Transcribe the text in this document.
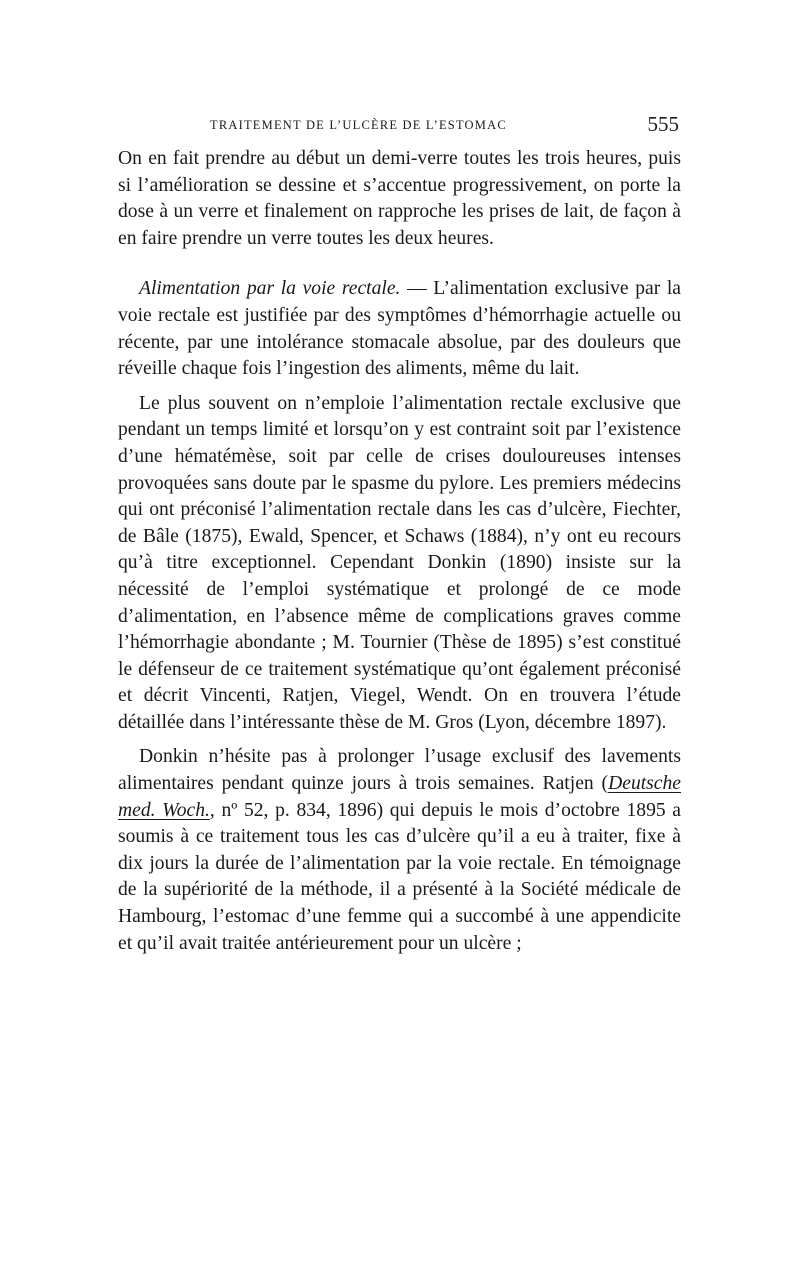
TRAITEMENT DE L’ULCÈRE DE L’ESTOMAC	555

On en fait prendre au début un demi-verre toutes les trois heures, puis si l’amélioration se dessine et s’accentue progressivement, on porte la dose à un verre et finalement on rapproche les prises de lait, de façon à en faire prendre un verre toutes les deux heures.

Alimentation par la voie rectale. — L’alimentation exclusive par la voie rectale est justifiée par des symptômes d’hémorrhagie actuelle ou récente, par une intolérance stomacale absolue, par des douleurs que réveille chaque fois l’ingestion des aliments, même du lait.

Le plus souvent on n’emploie l’alimentation rectale exclusive que pendant un temps limité et lorsqu’on y est contraint soit par l’existence d’une hématémèse, soit par celle de crises douloureuses intenses provoquées sans doute par le spasme du pylore. Les premiers médecins qui ont préconisé l’alimentation rectale dans les cas d’ulcère, Fiechter, de Bâle (1875), Ewald, Spencer, et Schaws (1884), n’y ont eu recours qu’à titre exceptionnel. Cependant Donkin (1890) insiste sur la nécessité de l’emploi systématique et prolongé de ce mode d’alimentation, en l’absence même de complications graves comme l’hémorrhagie abondante ; M. Tournier (Thèse de 1895) s’est constitué le défenseur de ce traitement systématique qu’ont également préconisé et décrit Vincenti, Ratjen, Viegel, Wendt. On en trouvera l’étude détaillée dans l’intéressante thèse de M. Gros (Lyon, décembre 1897).

Donkin n’hésite pas à prolonger l’usage exclusif des lavements alimentaires pendant quinze jours à trois semaines. Ratjen (Deutsche med. Woch., nº 52, p. 834, 1896) qui depuis le mois d’octobre 1895 a soumis à ce traitement tous les cas d’ulcère qu’il a eu à traiter, fixe à dix jours la durée de l’alimentation par la voie rectale. En témoignage de la supériorité de la méthode, il a présenté à la Société médicale de Hambourg, l’estomac d’une femme qui a succombé à une appendicite et qu’il avait traitée antérieurement pour un ulcère ;
